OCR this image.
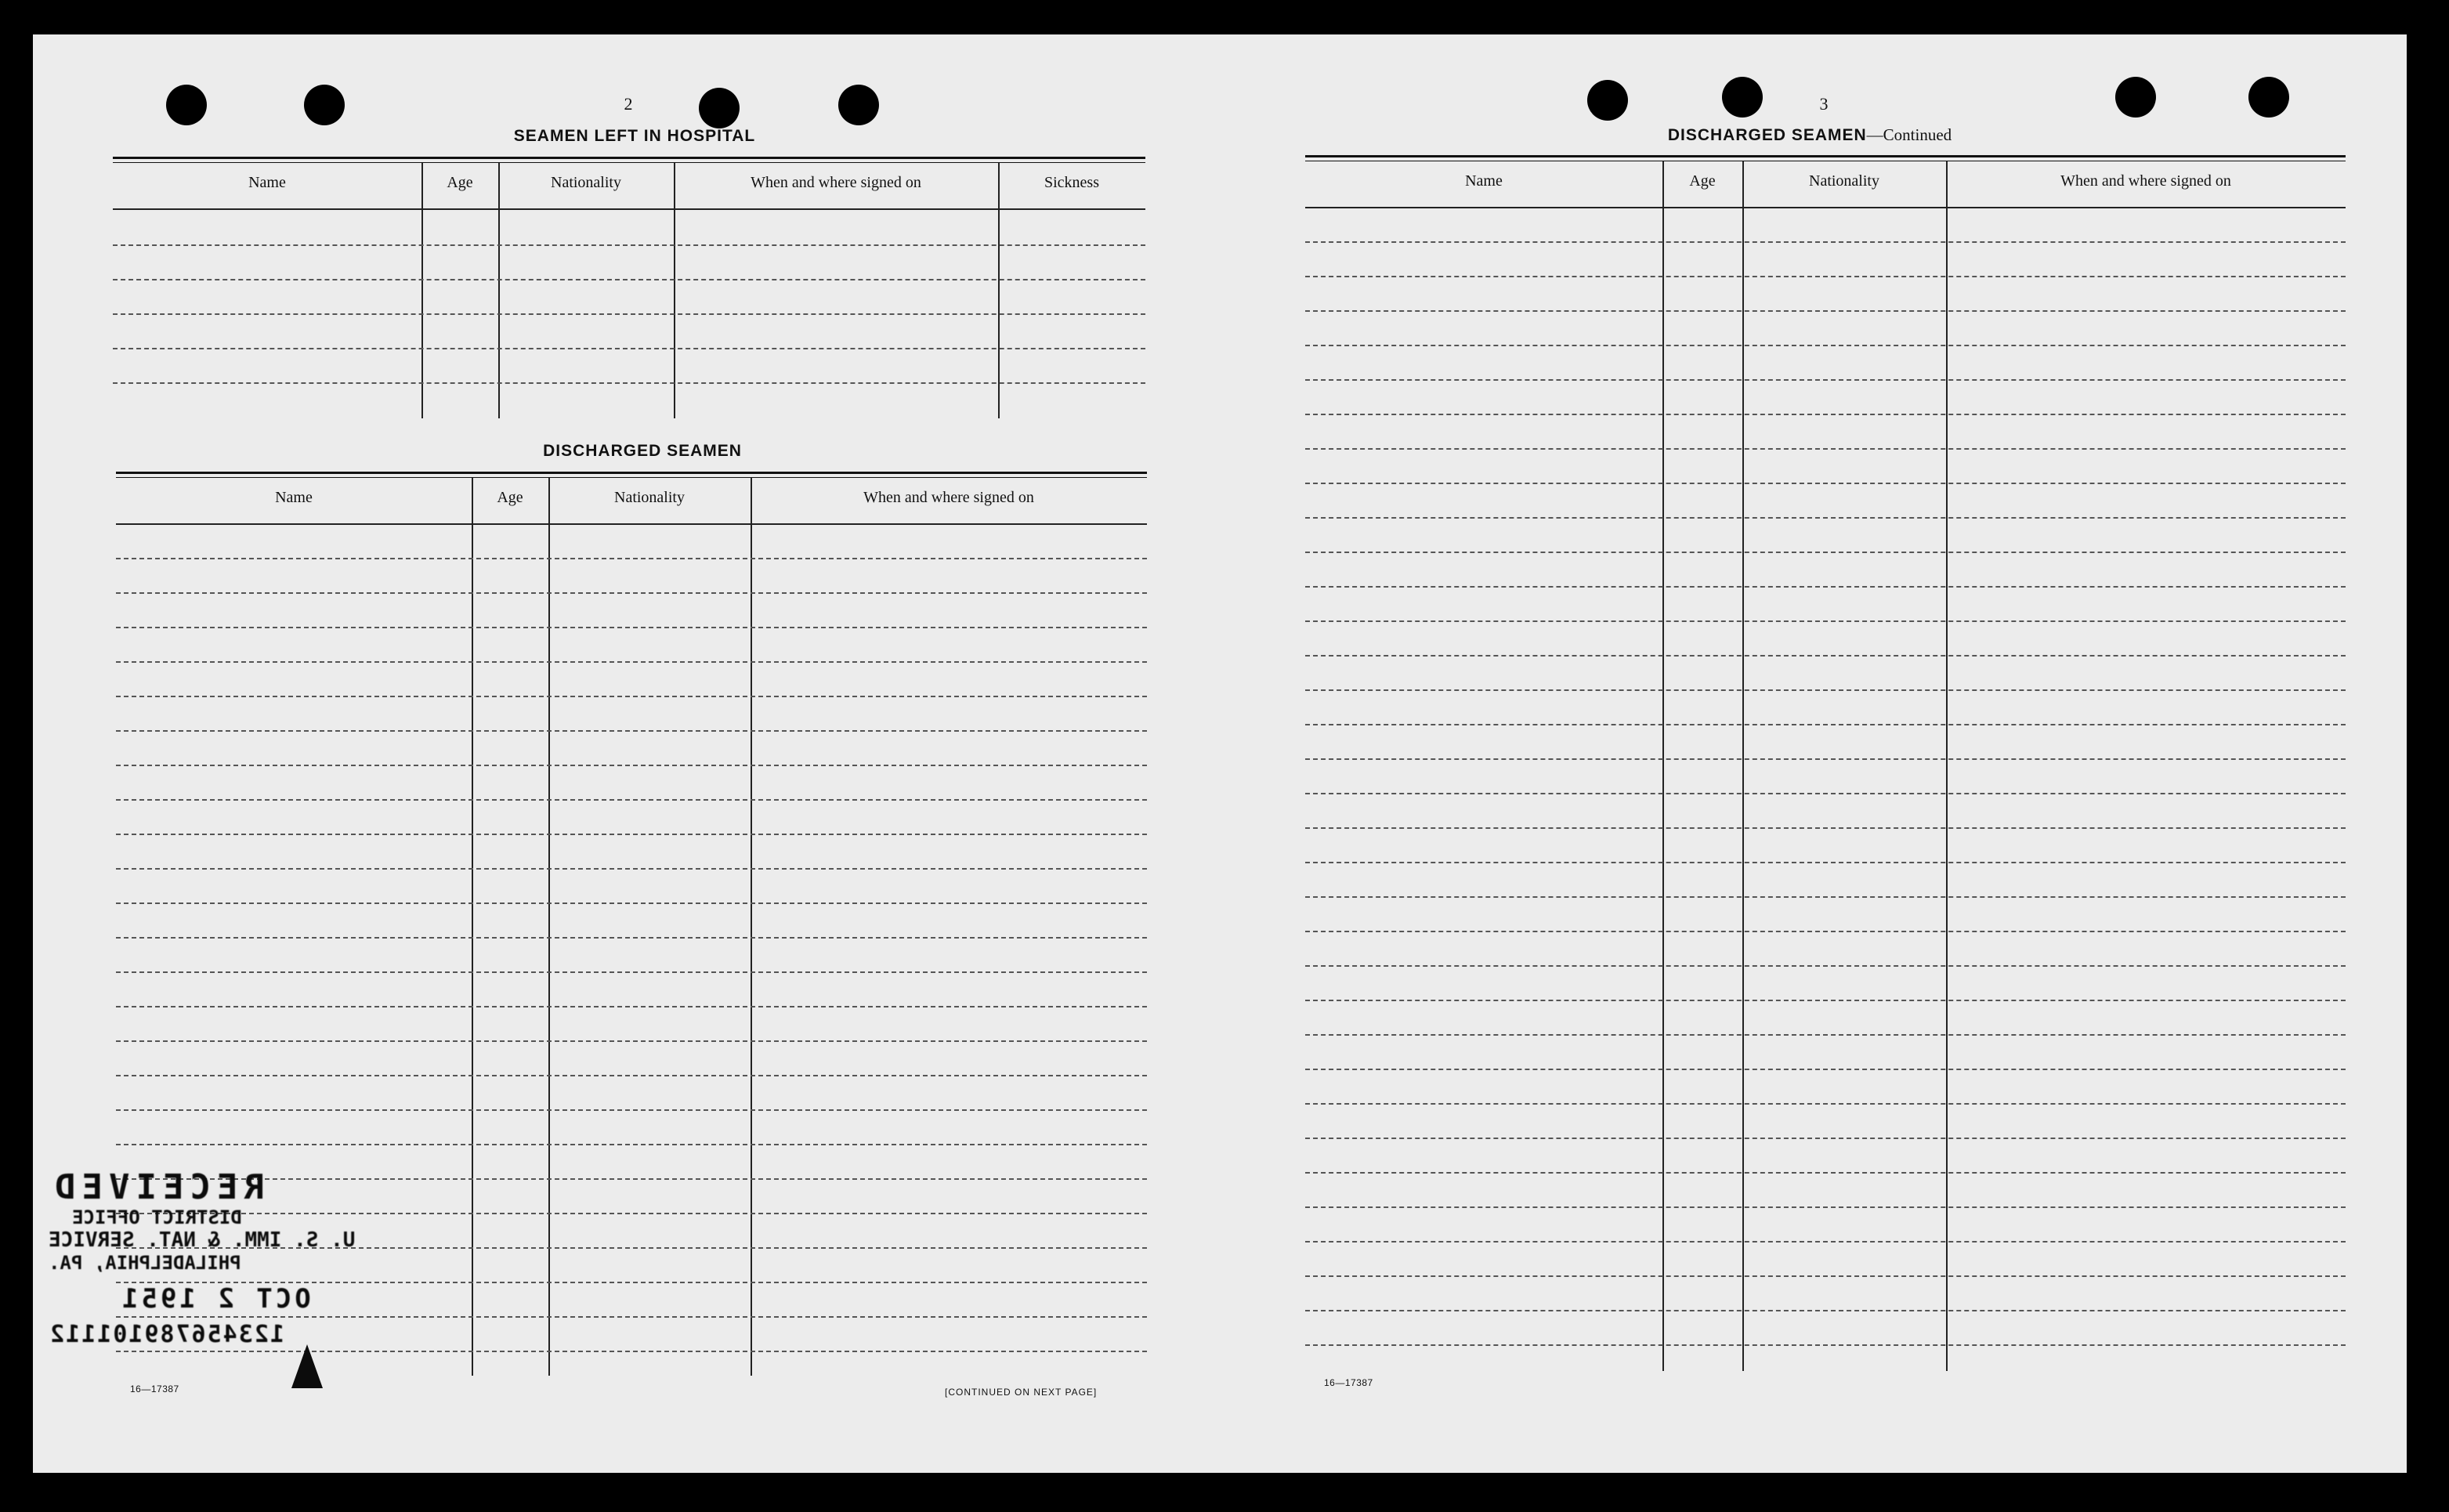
2
SEAMEN LEFT IN HOSPITAL
Name	Age	Nationality	When and where signed on	Sickness
DISCHARGED SEAMEN
Name	Age	Nationality	When and where signed on
16—17387	[CONTINUED ON NEXT PAGE]
RECEIVED
DISTRICT OFFICE
U. S. IMM. & NAT. SERVICE
PHILADELPHIA, PA.
OCT 2 1951
123456789101112
3
DISCHARGED SEAMEN—Continued
Name	Age	Nationality	When and where signed on
16—17387
